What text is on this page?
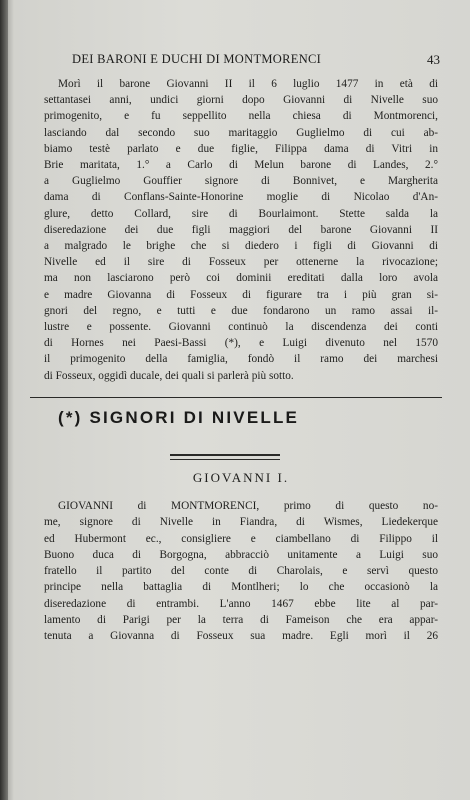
DEI BARONI E DUCHI DI MONTMORENCI	43
Morì il barone Giovanni II il 6 luglio 1477 in età di
settantasei anni, undici giorni dopo Giovanni di Nivelle suo
primogenito, e fu seppellito nella chiesa di Montmorenci,
lasciando dal secondo suo maritaggio Guglielmo di cui ab-
biamo testè parlato e due figlie, Filippa dama di Vitri in
Brie maritata, 1.° a Carlo di Melun barone di Landes, 2.°
a Guglielmo Gouffier signore di Bonnivet, e Margherita
dama di Conflans-Sainte-Honorine moglie di Nicolao d'An-
glure, detto Collard, sire di Bourlaimont. Stette salda la
diseredazione dei due figli maggiori del barone Giovanni II
a malgrado le brighe che si diedero i figli di Giovanni di
Nivelle ed il sire di Fosseux per ottenerne la rivocazione;
ma non lasciarono però coi dominii ereditati dalla loro avola
e madre Giovanna di Fosseux di figurare tra i più gran si-
gnori del regno, e tutti e due fondarono un ramo assai il-
lustre e possente. Giovanni continuò la discendenza dei conti
di Hornes nei Paesi-Bassi (*), e Luigi divenuto nel 1570
il primogenito della famiglia, fondò il ramo dei marchesi
di Fosseux, oggidì ducale, dei quali si parlerà più sotto.
(*) SIGNORI DI NIVELLE
GIOVANNI I.
GIOVANNI di MONTMORENCI, primo di questo no-
me, signore di Nivelle in Fiandra, di Wismes, Liedekerque
ed Hubermont ec., consigliere e ciambellano di Filippo il
Buono duca di Borgogna, abbracciò unitamente a Luigi suo
fratello il partito del conte di Charolais, e servì questo
principe nella battaglia di Montlheri; lo che occasionò la
diseredazione di entrambi. L'anno 1467 ebbe lite al par-
lamento di Parigi per la terra di Fameison che era appar-
tenuta a Giovanna di Fosseux sua madre. Egli morì il 26
